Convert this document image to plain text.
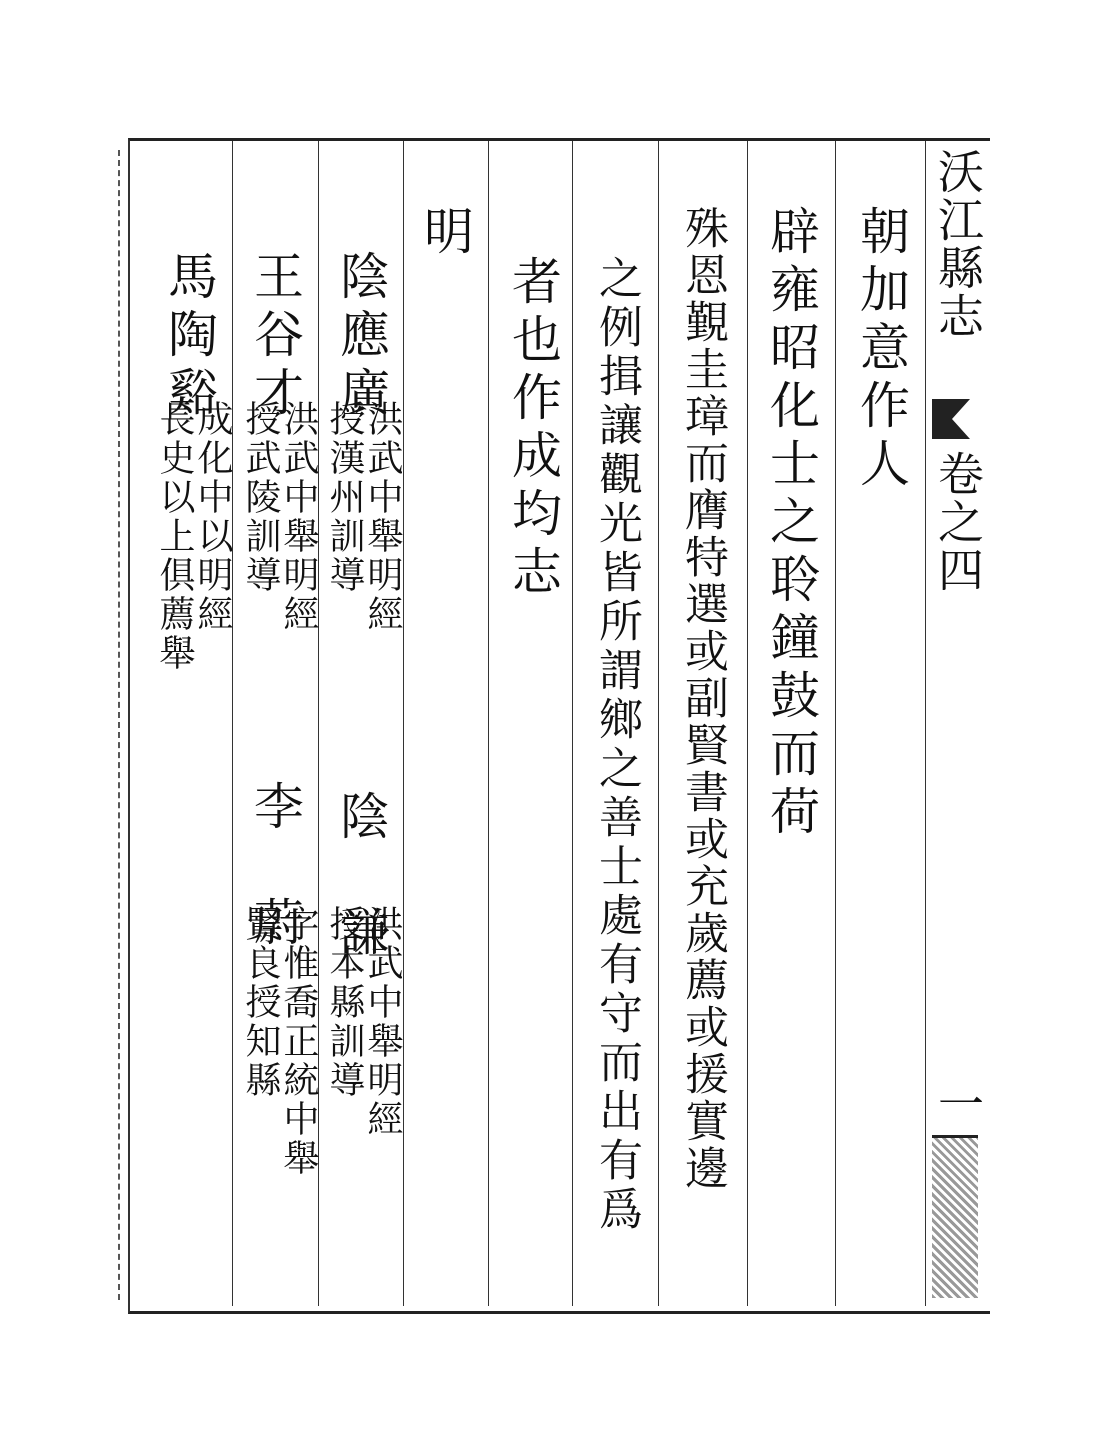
沃江縣志
卷之四
一
朝加意作人
辟雍昭化士之聆鐘鼓而荷
殊恩覲圭璋而膺特選或副賢書或充歲薦或援實邊
之例揖讓觀光皆所謂鄉之善士處有守而出有爲
者也作成均志
明
陰應廣
洪武中舉明經
授漢州訓導
陰　謙
洪武中舉明經
授本縣訓導
王谷才
洪武中舉明經
授武陵訓導
李　蔚
字惟喬正統中舉
賢良授知縣
馬陶谿
成化中以明經
長史以上俱薦舉
